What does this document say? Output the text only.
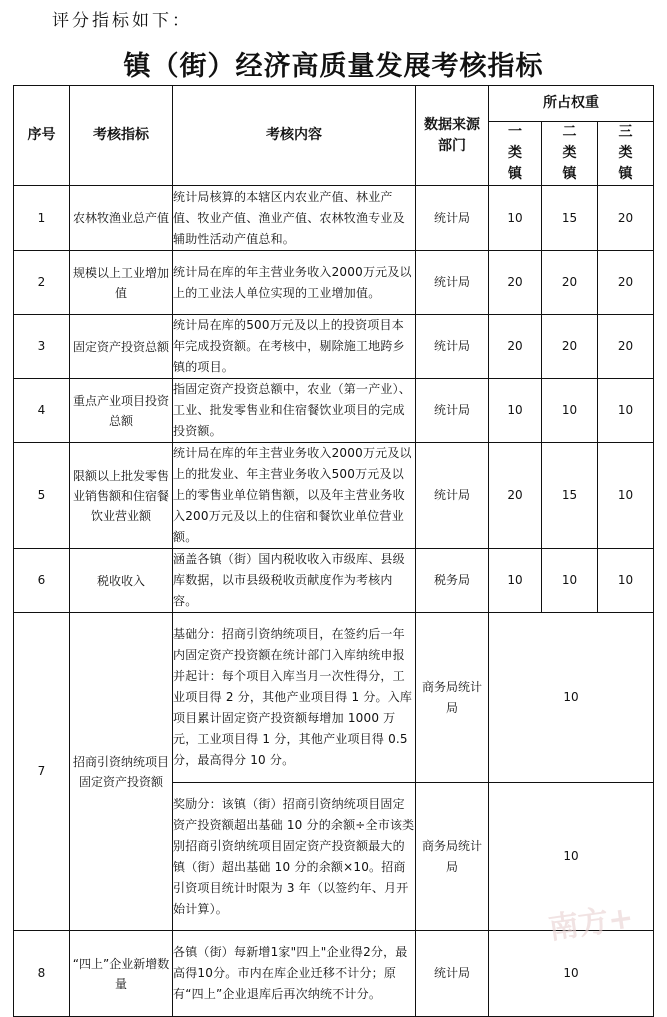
评分指标如下：
镇（街）经济高质量发展考核指标
序号	考核指标	考核内容	数据来源部门	所占权重		
				一类镇	二类镇	三类镇
1	农林牧渔业总产值	统计局核算的本辖区内农业产值、林业产值、牧业产值、渔业产值、农林牧渔专业及辅助性活动产值总和。	统计局	10	15	20
2	规模以上工业增加值	统计局在库的年主营业务收入2000万元及以上的工业法人单位实现的工业增加值。	统计局	20	20	20
3	固定资产投资总额	统计局在库的500万元及以上的投资项目本年完成投资额。在考核中，剔除施工地跨乡镇的项目。	统计局	20	20	20
4	重点产业项目投资总额	指固定资产投资总额中，农业（第一产业）、工业、批发零售业和住宿餐饮业项目的完成投资额。	统计局	10	10	10
5	限额以上批发零售业销售额和住宿餐饮业营业额	统计局在库的年主营业务收入2000万元及以上的批发业、年主营业务收入500万元及以上的零售业单位销售额，以及年主营业务收入200万元及以上的住宿和餐饮业单位营业额。	统计局	20	15	10
6	税收收入	涵盖各镇（街）国内税收收入市级库、县级库数据，以市县级税收贡献度作为考核内容。	税务局	10	10	10
7	招商引资纳统项目固定资产投资额	基础分：招商引资纳统项目，在签约后一年内固定资产投资额在统计部门入库纳统申报并起计：每个项目入库当月一次性得分，工业项目得 2 分，其他产业项目得 1 分。入库项目累计固定资产投资额每增加 1000 万元，工业项目得 1 分，其他产业项目得 0.5 分，最高得分 10 分。	商务局统计局	10		
		奖励分：该镇（街）招商引资纳统项目固定资产投资额超出基础 10 分的余额÷全市该类别招商引资纳统项目固定资产投资额最大的镇（街）超出基础 10 分的余额×10。招商引资项目统计时限为 3 年（以签约年、月开始计算）。	商务局统计局	10		
8	“四上”企业新增数量	各镇（街）每新增1家"四上"企业得2分，最高得10分。市内在库企业迁移不计分；原有“四上”企业退库后再次纳统不计分。	统计局	10		
南方+
